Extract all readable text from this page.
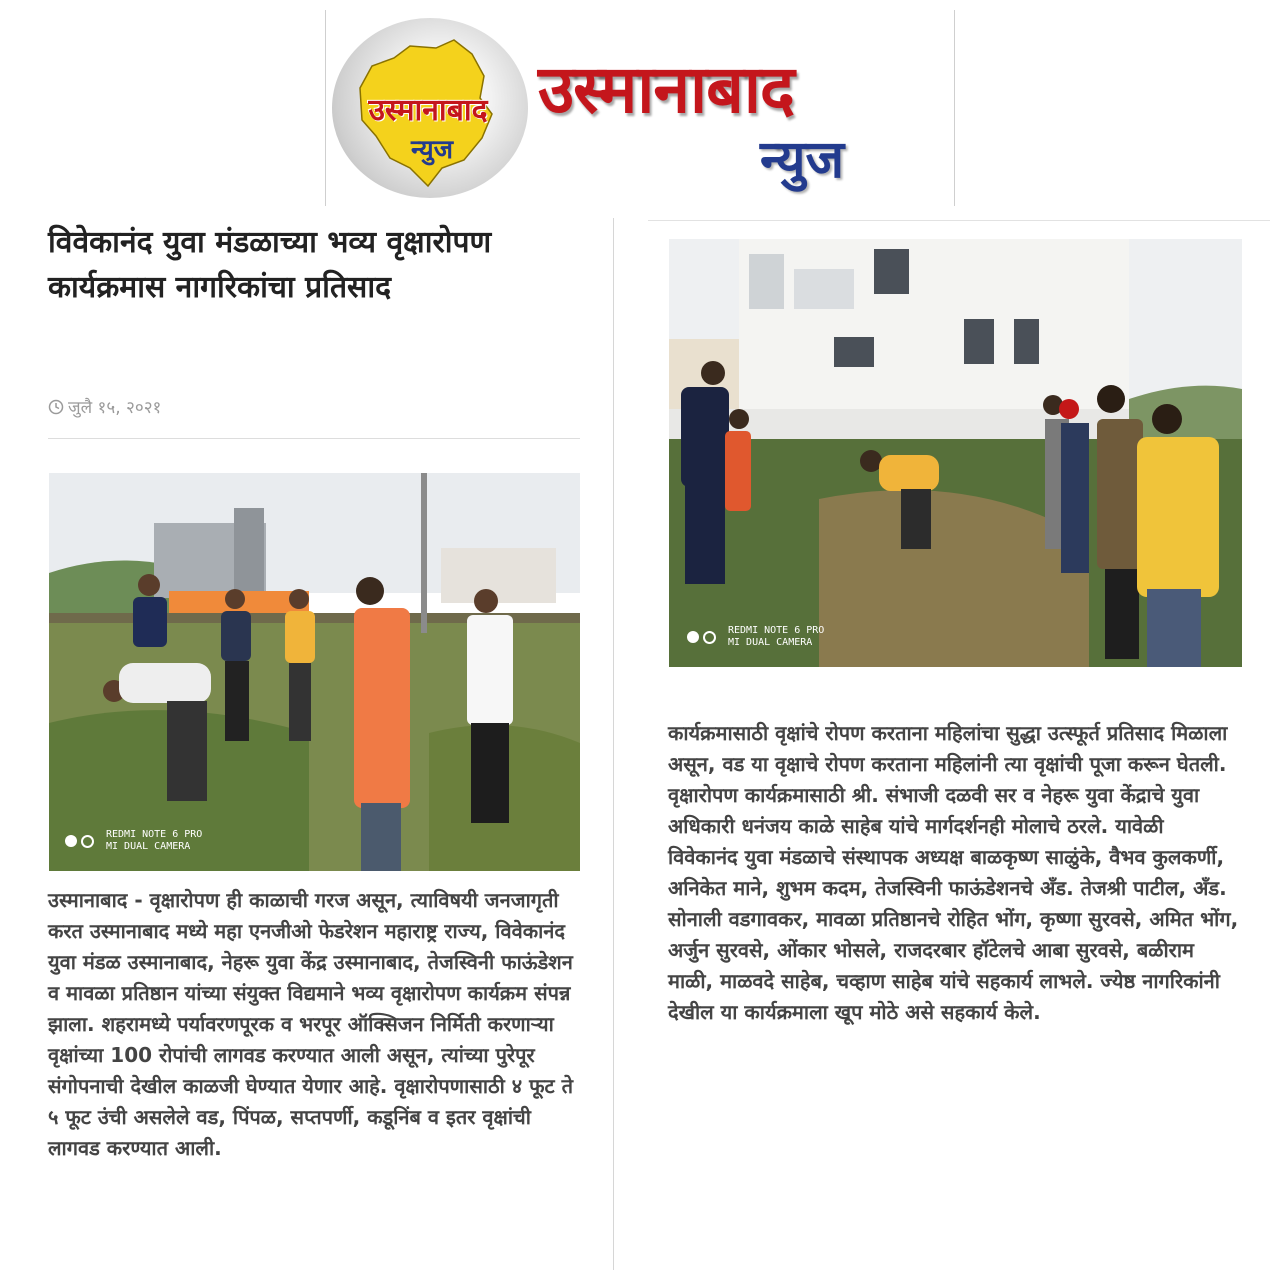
उस्मानाबाद
न्युज
उस्मानाबाद
न्युज
विवेकानंद युवा मंडळाच्या भव्य वृक्षारोपण कार्यक्रमास नागरिकांचा प्रतिसाद
जुलै १५, २०२१
REDMI NOTE 6 PRO
MI DUAL CAMERA

उस्मानाबाद - वृक्षारोपण ही काळाची गरज असून, त्याविषयी जनजागृती करत उस्मानाबाद मध्ये महा एनजीओ फेडरेशन महाराष्ट्र राज्य, विवेकानंद युवा मंडळ उस्मानाबाद, नेहरू युवा केंद्र उस्मानाबाद, तेजस्विनी फाऊंडेशन व मावळा प्रतिष्ठान यांच्या संयुक्त विद्यमाने भव्य वृक्षारोपण कार्यक्रम संपन्न झाला. शहरामध्ये पर्यावरणपूरक व भरपूर ऑक्सिजन निर्मिती करणाऱ्या वृक्षांच्या 100 रोपांची लागवड करण्यात आली असून, त्यांच्या पुरेपूर संगोपनाची देखील काळजी घेण्यात येणार आहे. वृक्षारोपणासाठी ४ फूट ते ५ फूट उंची असलेले वड, पिंपळ, सप्तपर्णी, कडूनिंब व इतर वृक्षांची लागवड करण्यात आली.

REDMI NOTE 6 PRO
MI DUAL CAMERA

कार्यक्रमासाठी वृक्षांचे रोपण करताना महिलांचा सुद्धा उत्स्फूर्त प्रतिसाद मिळाला असून, वड या वृक्षाचे रोपण करताना महिलांनी त्या वृक्षांची पूजा करून घेतली. वृक्षारोपण कार्यक्रमासाठी श्री. संभाजी दळवी सर व नेहरू युवा केंद्राचे युवा अधिकारी धनंजय काळे साहेब यांचे मार्गदर्शनही मोलाचे ठरले. यावेळी विवेकानंद युवा मंडळाचे संस्थापक अध्यक्ष बाळकृष्ण साळुंके, वैभव कुलकर्णी, अनिकेत माने, शुभम कदम, तेजस्विनी फाऊंडेशनचे अँड. तेजश्री पाटील, अँड. सोनाली वडगावकर, मावळा प्रतिष्ठानचे रोहित भोंग, कृष्णा सुरवसे, अमित भोंग, अर्जुन सुरवसे, ओंकार भोसले, राजदरबार हॉटेलचे आबा सुरवसे, बळीराम माळी, माळवदे साहेब, चव्हाण साहेब यांचे सहकार्य लाभले. ज्येष्ठ नागरिकांनी देखील या कार्यक्रमाला खूप मोठे असे सहकार्य केले.
